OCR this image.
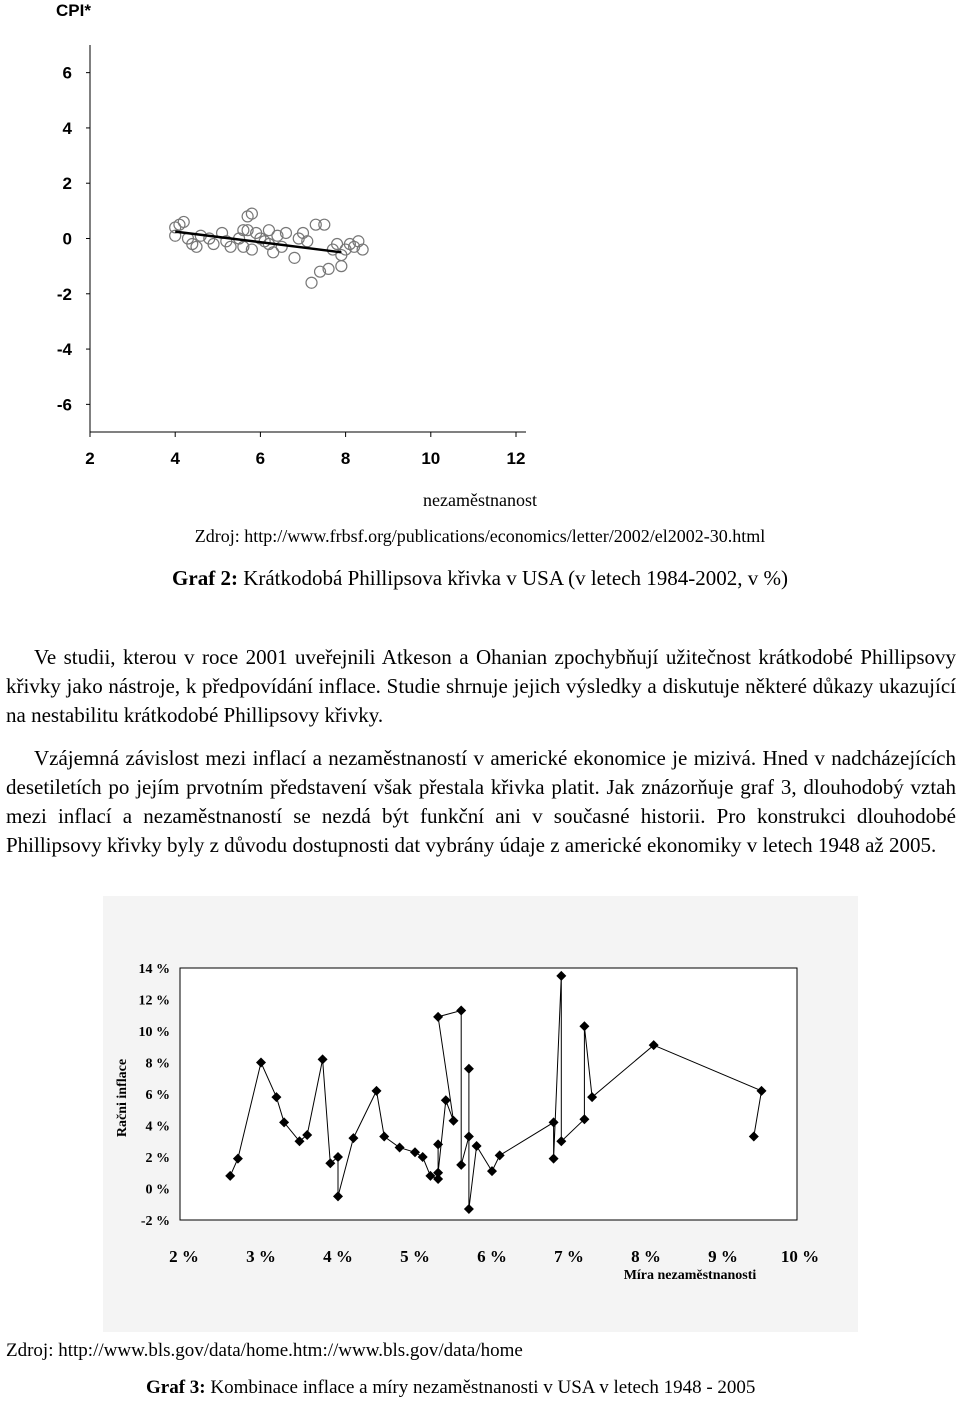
CPI*
6
4
2
0
-2
-4
-6
2	4	6	8	10	12
nezaměstnanost
Zdroj: http://www.frbsf.org/publications/economics/letter/2002/el2002-30.html
Graf 2: Krátkodobá Phillipsova křivka v USA (v letech 1984-2002, v %)
Ve studii, kterou v roce 2001 uveřejnili Atkeson a Ohanian zpochybňují užitečnost krátkodobé Phillipsovy křivky jako nástroje, k předpovídání inflace. Studie shrnuje jejich výsledky a diskutuje některé důkazy ukazující na nestabilitu krátkodobé Phillipsovy křivky.
Vzájemná závislost mezi inflací a nezaměstnaností v americké ekonomice je mizivá. Hned v nadcházejících desetiletích po jejím prvotním představení však přestala křivka platit. Jak znázorňuje graf 3, dlouhodobý vztah mezi inflací a nezaměstnaností se nezdá být funkční ani v současné historii. Pro konstrukci dlouhodobé Phillipsovy křivky byly z důvodu dostupnosti dat vybrány údaje z americké ekonomiky v letech 1948 až 2005.
14 %
12 %
10 %
8 %
6 %
4 %
2 %
0 %
-2 %
2 %	3 %	4 %	5 %	6 %	7 %	8 %	9 %	10 %
Míra nezaměstnanosti
Račni inflace
Zdroj: http://www.bls.gov/data/home.htm://www.bls.gov/data/home
Graf 3: Kombinace inflace a míry nezaměstnanosti v USA v letech 1948 - 2005
